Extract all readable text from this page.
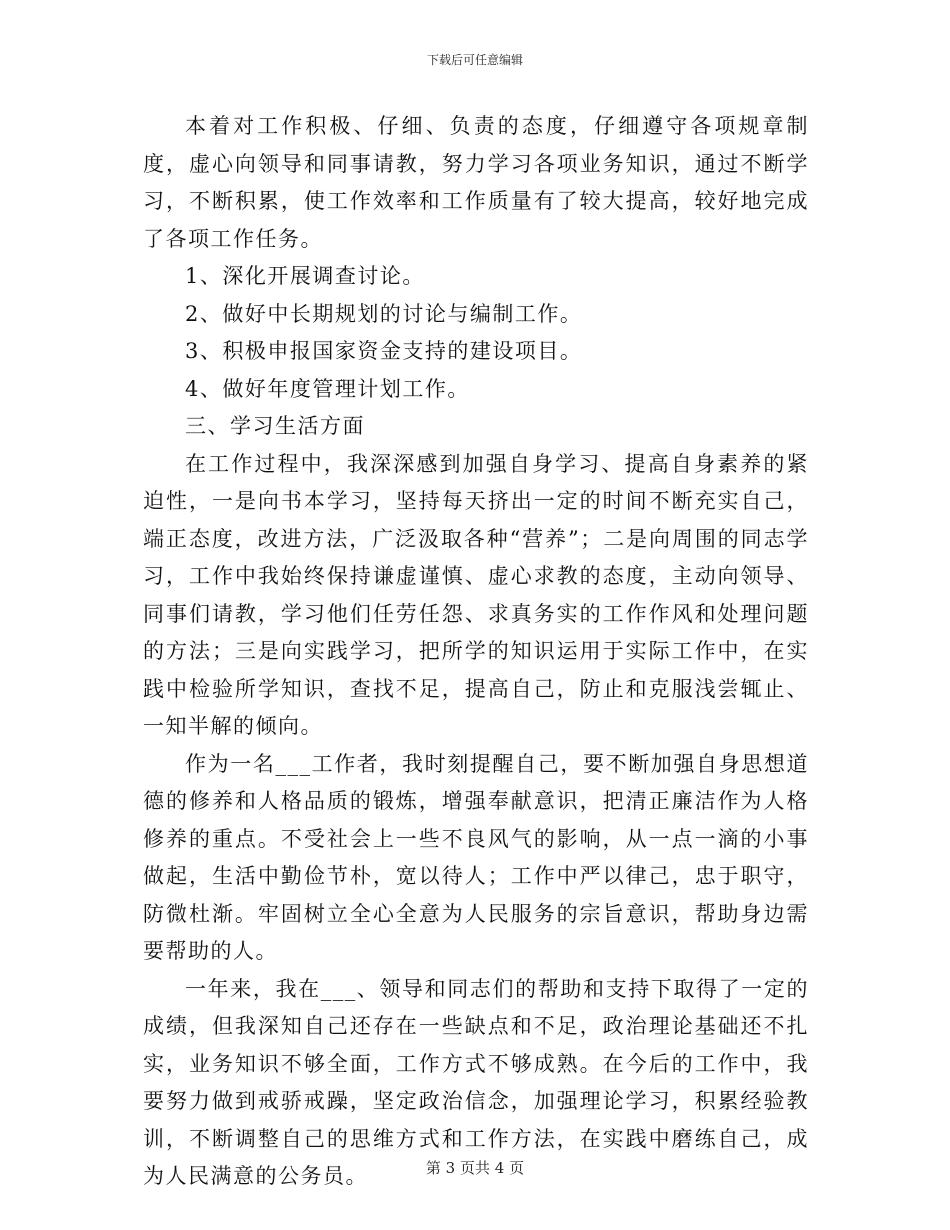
下载后可任意编辑

本着对工作积极、仔细、负责的态度，仔细遵守各项规章制度，虚心向领导和同事请教，努力学习各项业务知识，通过不断学习，不断积累，使工作效率和工作质量有了较大提高，较好地完成了各项工作任务。

1、深化开展调查讨论。

2、做好中长期规划的讨论与编制工作。

3、积极申报国家资金支持的建设项目。

4、做好年度管理计划工作。

三、学习生活方面

在工作过程中，我深深感到加强自身学习、提高自身素养的紧迫性，一是向书本学习，坚持每天挤出一定的时间不断充实自己，端正态度，改进方法，广泛汲取各种“营养”；二是向周围的同志学习，工作中我始终保持谦虚谨慎、虚心求教的态度，主动向领导、同事们请教，学习他们任劳任怨、求真务实的工作作风和处理问题的方法；三是向实践学习，把所学的知识运用于实际工作中，在实践中检验所学知识，查找不足，提高自己，防止和克服浅尝辄止、一知半解的倾向。

作为一名___工作者，我时刻提醒自己，要不断加强自身思想道德的修养和人格品质的锻炼，增强奉献意识，把清正廉洁作为人格修养的重点。不受社会上一些不良风气的影响，从一点一滴的小事做起，生活中勤俭节朴，宽以待人；工作中严以律己，忠于职守，防微杜渐。牢固树立全心全意为人民服务的宗旨意识，帮助身边需要帮助的人。

一年来，我在___、领导和同志们的帮助和支持下取得了一定的成绩，但我深知自己还存在一些缺点和不足，政治理论基础还不扎实，业务知识不够全面，工作方式不够成熟。在今后的工作中，我要努力做到戒骄戒躁，坚定政治信念，加强理论学习，积累经验教训，不断调整自己的思维方式和工作方法，在实践中磨练自己，成为人民满意的公务员。	第 3 页共 4 页
